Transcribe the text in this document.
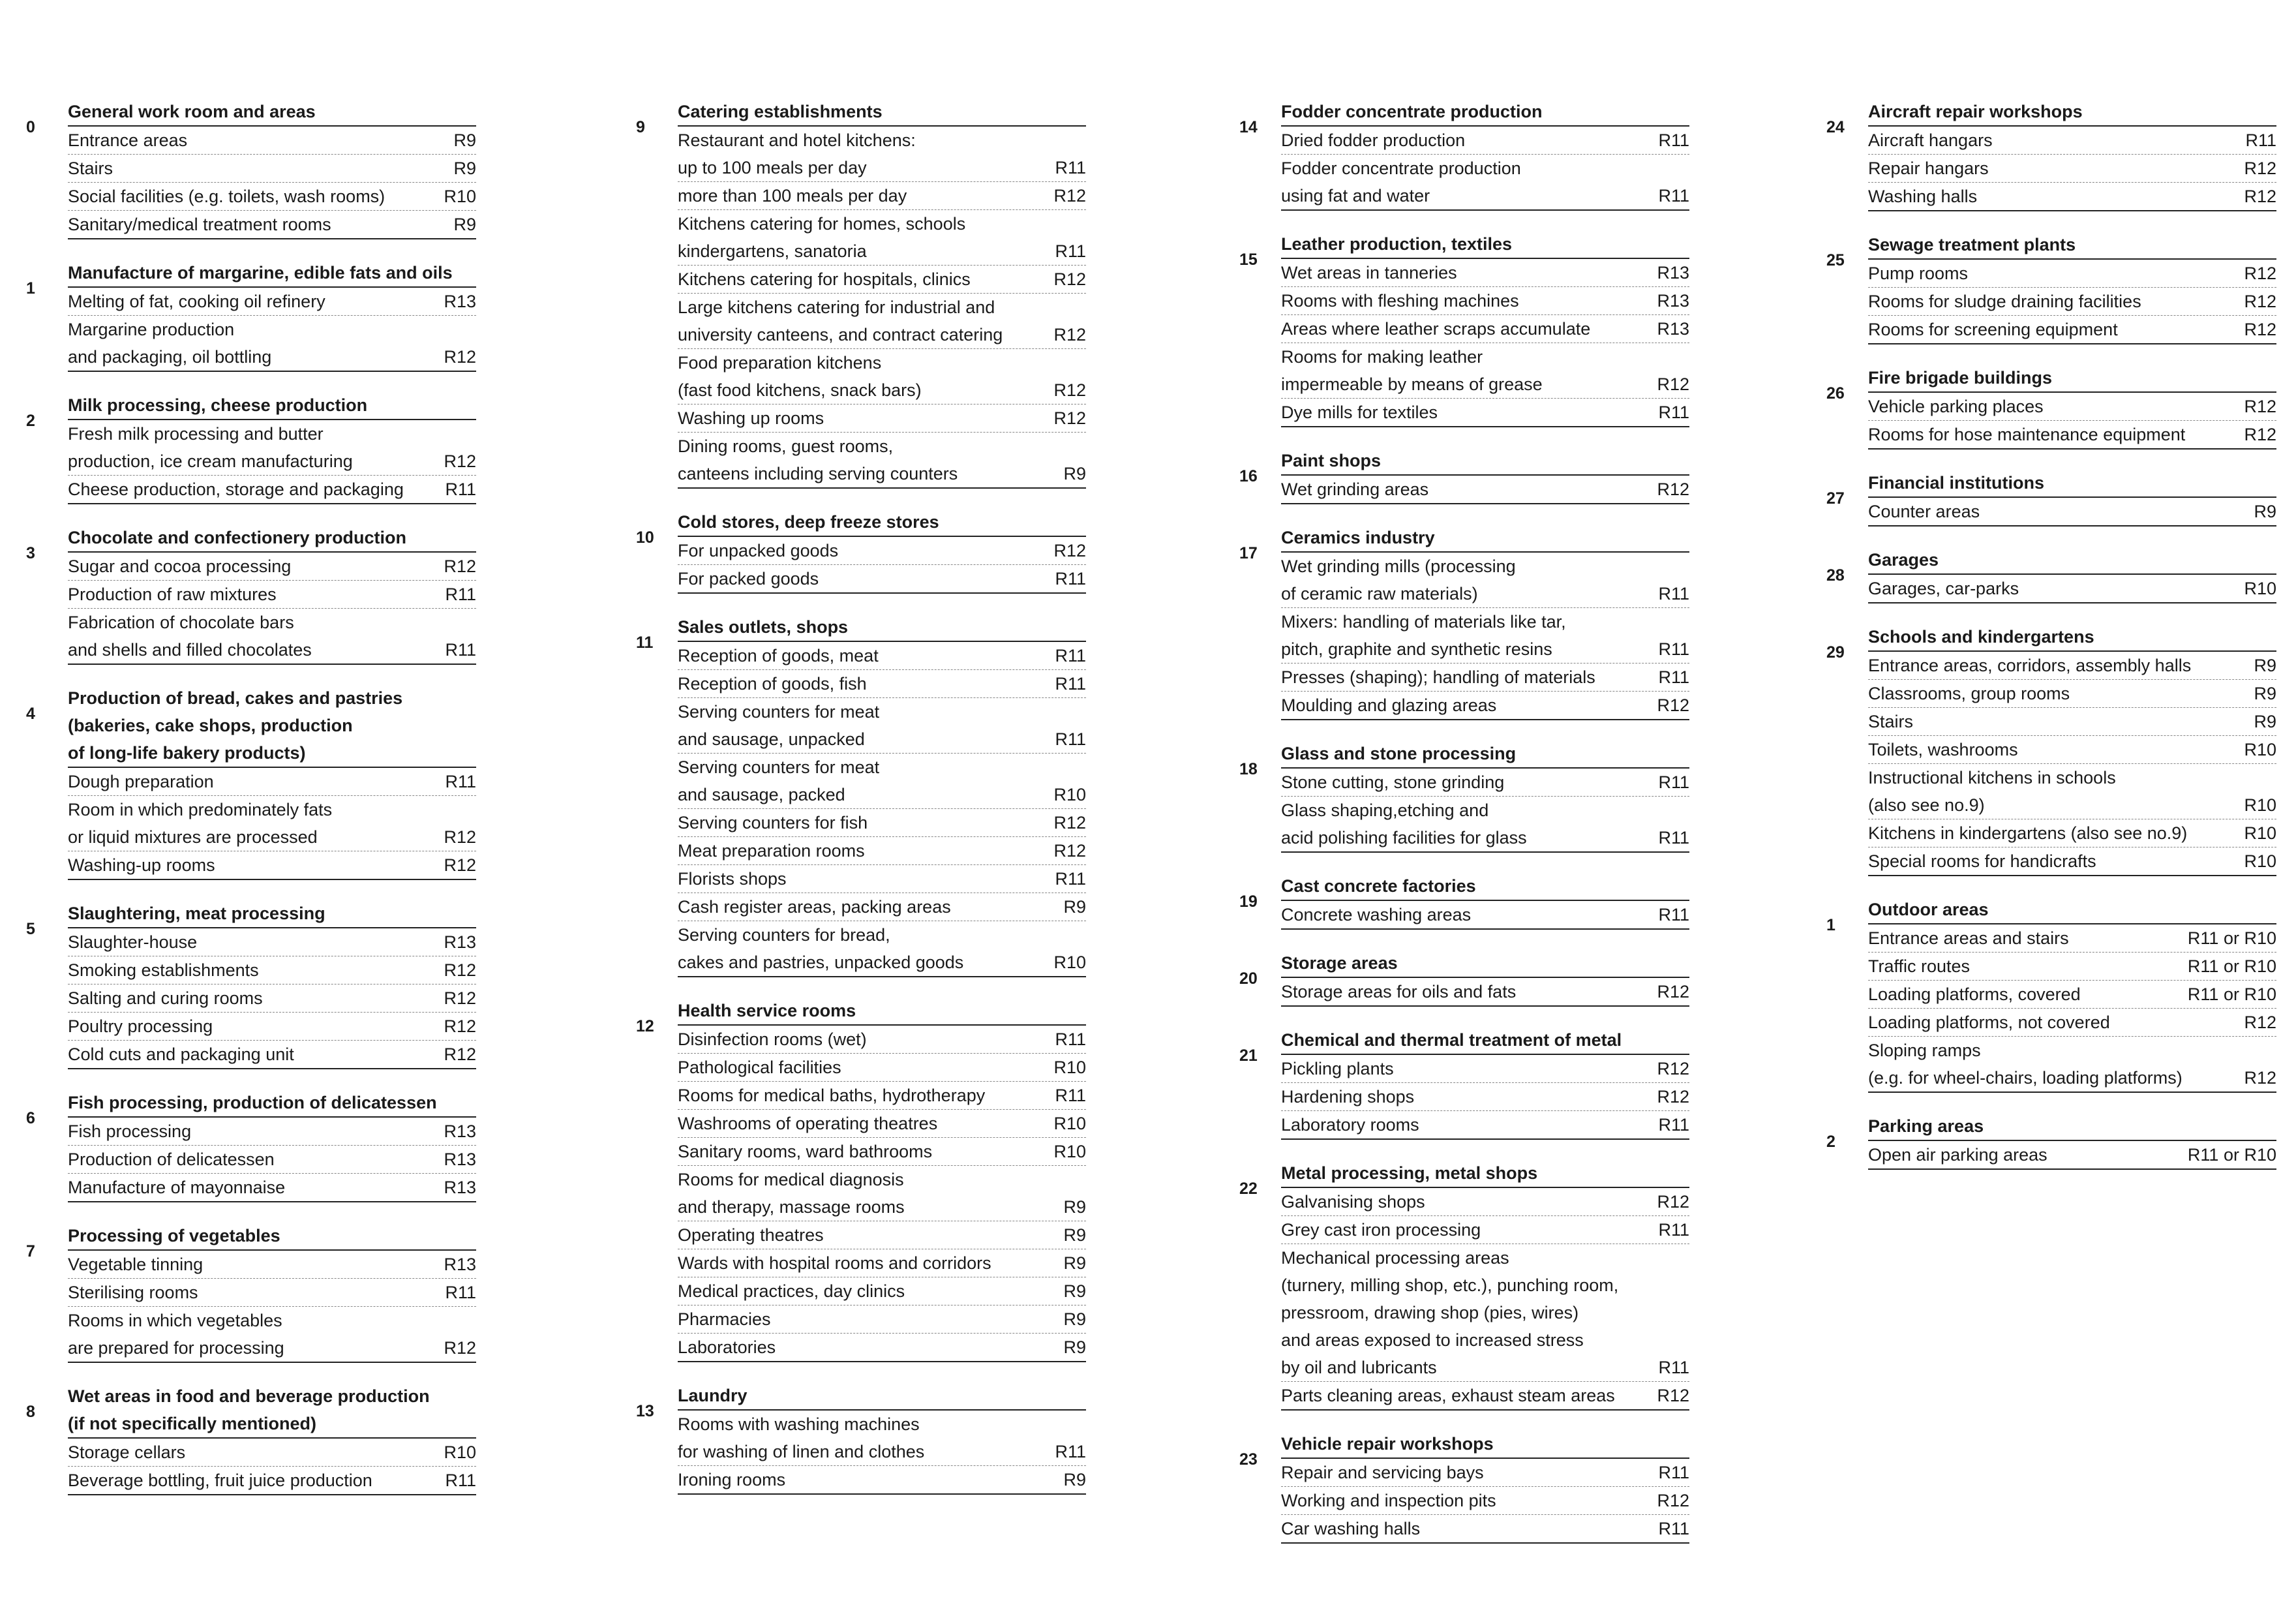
0
General work room and areas
Entrance areas	R9
Stairs	R9
Social facilities (e.g. toilets, wash rooms)	R10
Sanitary/medical treatment rooms	R9
1
Manufacture of margarine, edible fats and oils
Melting of fat, cooking oil refinery	R13
Margarine production
and packaging, oil bottling	R12
2
Milk processing, cheese production
Fresh milk processing and butter
production, ice cream manufacturing	R12
Cheese production, storage and packaging	R11
3
Chocolate and confectionery production
Sugar and cocoa processing	R12
Production of raw mixtures	R11
Fabrication of chocolate bars
and shells and filled chocolates	R11
4
Production of bread, cakes and pastries
(bakeries, cake shops, production
of long-life bakery products)
Dough preparation	R11
Room in which predominately fats
or liquid mixtures are processed	R12
Washing-up rooms	R12
5
Slaughtering, meat processing
Slaughter-house	R13
Smoking establishments	R12
Salting and curing rooms	R12
Poultry processing	R12
Cold cuts and packaging unit	R12
6
Fish processing, production of delicatessen
Fish processing	R13
Production of delicatessen	R13
Manufacture of mayonnaise	R13
7
Processing of vegetables
Vegetable tinning	R13
Sterilising rooms	R11
Rooms in which vegetables
are prepared for processing	R12
8
Wet areas in food and beverage production
(if not specifically mentioned)
Storage cellars	R10
Beverage bottling, fruit juice production	R11
9
Catering establishments
Restaurant and hotel kitchens:
up to 100 meals per day	R11
more than 100 meals per day	R12
Kitchens catering for homes, schools
kindergartens, sanatoria	R11
Kitchens catering for hospitals, clinics	R12
Large kitchens catering for industrial and
university canteens, and contract catering	R12
Food preparation kitchens
(fast food kitchens, snack bars)	R12
Washing up rooms	R12
Dining rooms, guest rooms,
canteens including serving counters	R9
10
Cold stores, deep freeze stores
For unpacked goods	R12
For packed goods	R11
11
Sales outlets, shops
Reception of goods, meat	R11
Reception of goods, fish	R11
Serving counters for meat
and sausage, unpacked	R11
Serving counters for meat
and sausage, packed	R10
Serving counters for fish	R12
Meat preparation rooms	R12
Florists shops	R11
Cash register areas, packing areas	R9
Serving counters for bread,
cakes and pastries, unpacked goods	R10
12
Health service rooms
Disinfection rooms (wet)	R11
Pathological facilities	R10
Rooms for medical baths, hydrotherapy	R11
Washrooms of operating theatres	R10
Sanitary rooms, ward bathrooms	R10
Rooms for medical diagnosis
and therapy, massage rooms	R9
Operating theatres	R9
Wards with hospital rooms and corridors	R9
Medical practices, day clinics	R9
Pharmacies	R9
Laboratories	R9
13
Laundry
Rooms with washing machines
for washing of linen and clothes	R11
Ironing rooms	R9
14
Fodder concentrate production
Dried fodder production	R11
Fodder concentrate production
using fat and water	R11
15
Leather production, textiles
Wet areas in tanneries	R13
Rooms with fleshing machines	R13
Areas where leather scraps accumulate	R13
Rooms for making leather
impermeable by means of grease	R12
Dye mills for textiles	R11
16
Paint shops
Wet grinding areas	R12
17
Ceramics industry
Wet grinding mills (processing
of ceramic raw materials)	R11
Mixers: handling of materials like tar,
pitch, graphite and synthetic resins	R11
Presses (shaping); handling of materials	R11
Moulding and glazing areas	R12
18
Glass and stone processing
Stone cutting, stone grinding	R11
Glass shaping,etching and
acid polishing facilities for glass	R11
19
Cast concrete factories
Concrete washing areas	R11
20
Storage areas
Storage areas for oils and fats	R12
21
Chemical and thermal treatment of metal
Pickling plants	R12
Hardening shops	R12
Laboratory rooms	R11
22
Metal processing, metal shops
Galvanising shops	R12
Grey cast iron processing	R11
Mechanical processing areas
(turnery, milling shop, etc.), punching room,
pressroom, drawing shop (pies, wires)
and areas exposed to increased stress
by oil and lubricants	R11
Parts cleaning areas, exhaust steam areas	R12
23
Vehicle repair workshops
Repair and servicing bays	R11
Working and inspection pits	R12
Car washing halls	R11
24
Aircraft repair workshops
Aircraft hangars	R11
Repair hangars	R12
Washing halls	R12
25
Sewage treatment plants
Pump rooms	R12
Rooms for sludge draining facilities	R12
Rooms for screening equipment	R12
26
Fire brigade buildings
Vehicle parking places	R12
Rooms for hose maintenance equipment	R12
27
Financial institutions
Counter areas	R9
28
Garages
Garages, car-parks	R10
29
Schools and kindergartens
Entrance areas, corridors, assembly halls	R9
Classrooms, group rooms	R9
Stairs	R9
Toilets, washrooms	R10
Instructional kitchens in schools
(also see no.9)	R10
Kitchens in kindergartens (also see no.9)	R10
Special rooms for handicrafts	R10
1
Outdoor areas
Entrance areas and stairs	R11 or R10
Traffic routes	R11 or R10
Loading platforms, covered	R11 or R10
Loading platforms, not covered	R12
Sloping ramps
(e.g. for wheel-chairs, loading platforms)	R12
2
Parking areas
Open air parking areas	R11 or R10
